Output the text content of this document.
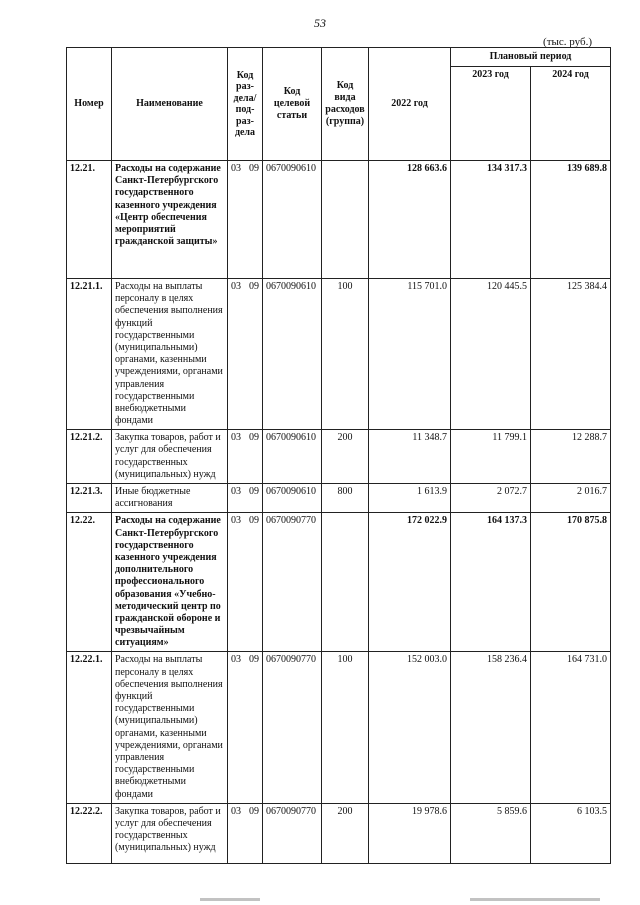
53
(тыс. руб.)
Номер	Наименование	Код раз-дела/ под-раз-дела	Код целевой статьи	Код вида расходов (группа)	2022 год	Плановый период	
						2023 год	2024 год
12.21.	Расходы на содержание Санкт-Петербургского государственного казенного учреждения «Центр обеспечения мероприятий гражданской защиты»	03 09	0670090610		128 663.6	134 317.3	139 689.8
12.21.1.	Расходы на выплаты персоналу в целях обеспечения выполнения функций государственными (муниципальными) органами, казенными учреждениями, органами управления государственными внебюджетными фондами	03 09	0670090610	100	115 701.0	120 445.5	125 384.4
12.21.2.	Закупка товаров, работ и услуг для обеспечения государственных (муниципальных) нужд	03 09	0670090610	200	11 348.7	11 799.1	12 288.7
12.21.3.	Иные бюджетные ассигнования	03 09	0670090610	800	1 613.9	2 072.7	2 016.7
12.22.	Расходы на содержание Санкт-Петербургского государственного казенного учреждения дополнительного профессионального образования «Учебно-методический центр по гражданской обороне и чрезвычайным ситуациям»	03 09	0670090770		172 022.9	164 137.3	170 875.8
12.22.1.	Расходы на выплаты персоналу в целях обеспечения выполнения функций государственными (муниципальными) органами, казенными учреждениями, органами управления государственными внебюджетными фондами	03 09	0670090770	100	152 003.0	158 236.4	164 731.0
12.22.2.	Закупка товаров, работ и услуг для обеспечения государственных (муниципальных) нужд	03 09	0670090770	200	19 978.6	5 859.6	6 103.5
